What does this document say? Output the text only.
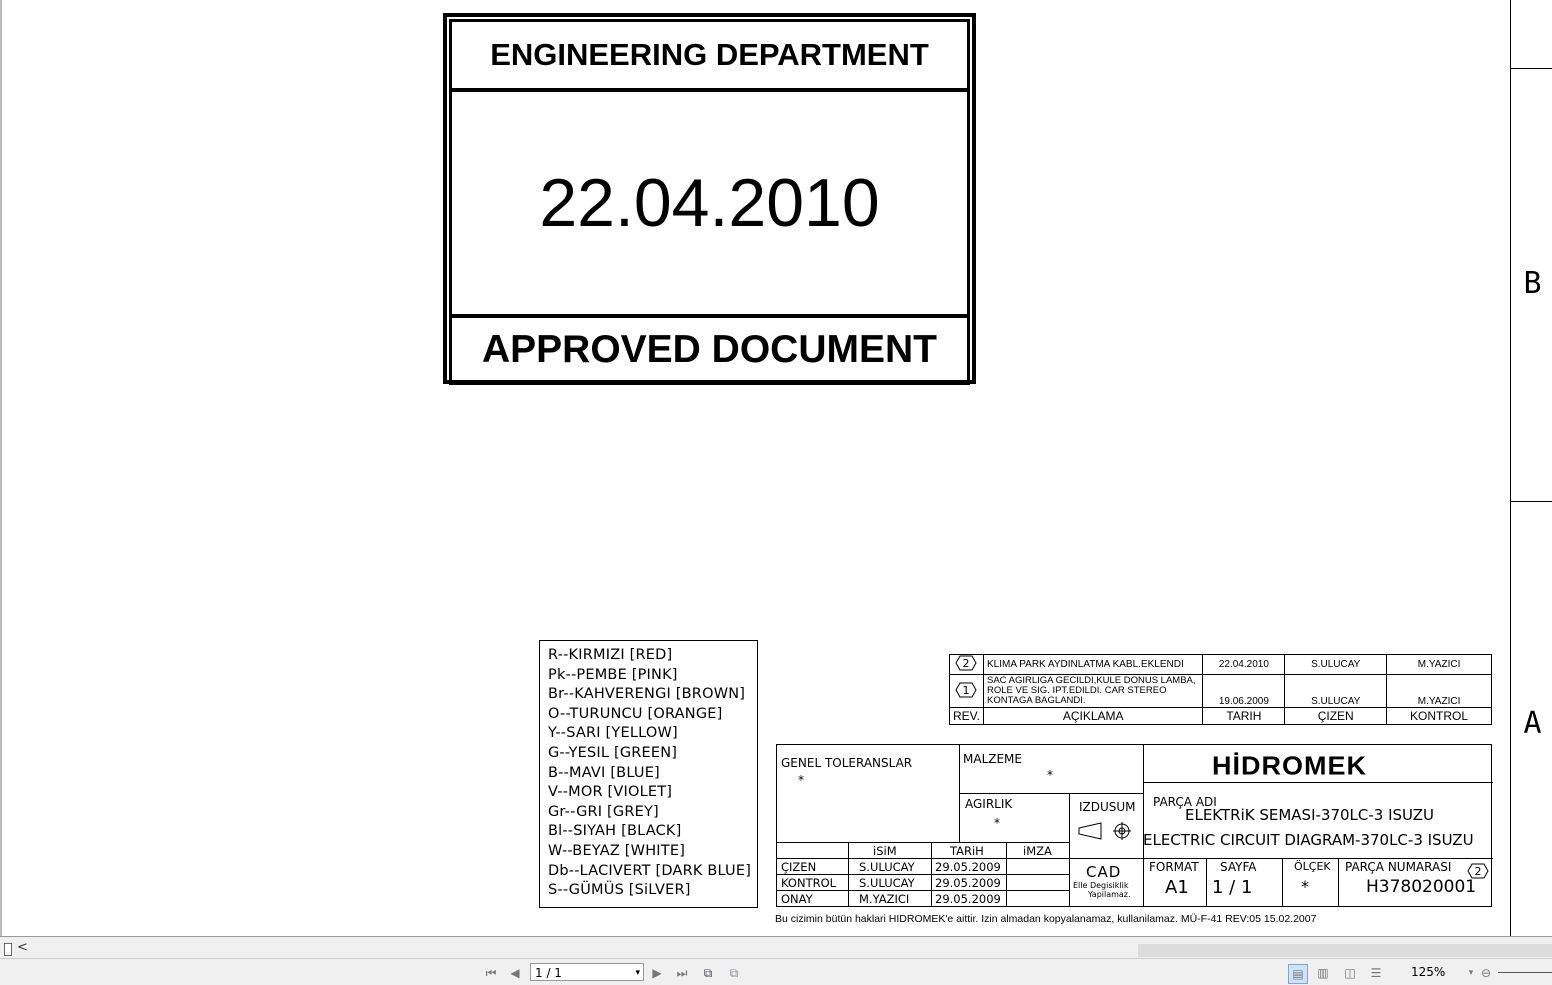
ENGINEERING DEPARTMENT
22.04.2010
APPROVED DOCUMENT
B
A
R--KIRMIZI [RED]
Pk--PEMBE [PINK]
Br--KAHVERENGI [BROWN]
O--TURUNCU [ORANGE]
Y--SARI [YELLOW]
G--YESIL [GREEN]
B--MAVI [BLUE]
V--MOR [VIOLET]
Gr--GRI [GREY]
Bl--SIYAH [BLACK]
W--BEYAZ [WHITE]
Db--LACIVERT [DARK BLUE]
S--GÜMÜS [SiLVER]
2	KLIMA PARK AYDINLATMA KABL.EKLENDI	22.04.2010	S.ULUCAY	M.YAZICI

1	SAC AGIRLIGA GECILDI,KULE DONUS LAMBA, ROLE VE SIG. IPT.EDILDI. CAR STEREO KONTAGA BAGLANDI.	19.06.2009	S.ULUCAY	M.YAZICI
REV.	AÇIKLAMA	TARIH	ÇIZEN	KONTROL
GENEL TOLERANSLAR
*
MALZEME
*
AGIRLIK
*
IZDUSUM
iSiM	TARiH	iMZA
ÇIZEN	S.ULUCAY 29.05.2009
KONTROL S.ULUCAY 29.05.2009
ONAY	M.YAZICI 29.05.2009
CAD
Elle Degisiklik
Yapilamaz.
PARÇA ADI
ELEKTRiK SEMASI-370LC-3 ISUZU
ELECTRIC CIRCUIT DIAGRAM-370LC-3 ISUZU
FORMAT
A1
SAYFA
1 / 1
ÖLÇEK
*
PARÇA NUMARASI
H378020001
2
HİDROMEK
Bu cizimin bütün haklari HIDROMEK'e aittir. Izin almadan kopyalanamaz, kullanilamaz. MÜ-F-41 REV:05 15.02.2007
<
⏮	◀	1 / 1	▾	▶	⏭	⧉	⧉	▤	▥ ◫	☰	125%	▾ ⊖
